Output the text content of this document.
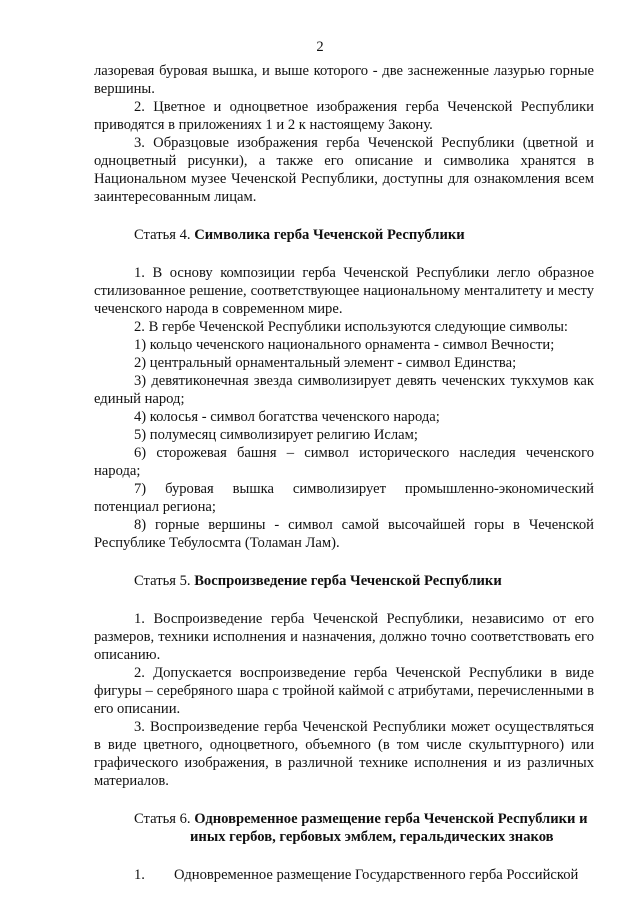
2

лазоревая буровая вышка, и выше которого - две заснеженные лазурью горные вершины.

2. Цветное и одноцветное изображения герба Чеченской Республики приводятся в приложениях 1 и 2 к настоящему Закону.

3. Образцовые изображения герба Чеченской Республики (цветной и одноцветный рисунки), а также его описание и символика хранятся в Национальном музее Чеченской Республики, доступны для ознакомления всем заинтересованным лицам.

Статья 4. Символика герба Чеченской Республики

1. В основу композиции герба Чеченской Республики легло образное стилизованное решение, соответствующее национальному менталитету и месту чеченского народа в современном мире.

2. В гербе Чеченской Республики используются следующие символы:

1) кольцо чеченского национального орнамента - символ Вечности;

2) центральный орнаментальный элемент - символ Единства;

3) девятиконечная звезда символизирует девять чеченских тукхумов как единый народ;

4) колосья - символ богатства чеченского народа;

5) полумесяц символизирует религию Ислам;

6) сторожевая башня – символ исторического наследия чеченского народа;

7) буровая вышка символизирует промышленно-экономический потенциал региона;

8) горные вершины - символ самой высочайшей горы в Чеченской Республике Тебулосмта (Толаман Лам).

Статья 5. Воспроизведение герба Чеченской Республики

1. Воспроизведение герба Чеченской Республики, независимо от его размеров, техники исполнения и назначения, должно точно соответствовать его описанию.

2. Допускается воспроизведение герба Чеченской Республики в виде фигуры – серебряного шара с тройной каймой с атрибутами, перечисленными в его описании.

3. Воспроизведение герба Чеченской Республики может осуществляться в виде цветного, одноцветного, объемного (в том числе скульптурного) или графического изображения, в различной технике исполнения и из различных материалов.

Статья 6. Одновременное размещение герба Чеченской Республики и
иных гербов, гербовых эмблем, геральдических знаков
1.	Одновременное размещение Государственного герба Российской
